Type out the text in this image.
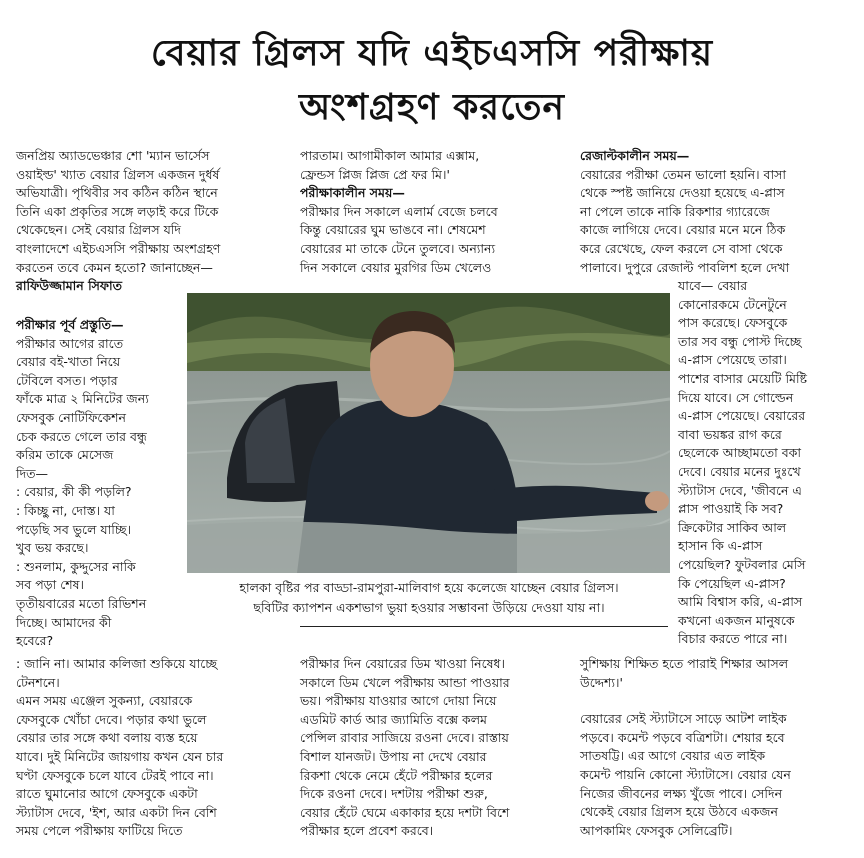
বেয়ার গ্রিলস যদি এইচএসসি পরীক্ষায়
অংশগ্রহণ করতেন

জনপ্রিয় অ্যাডভেঞ্চার শো 'ম্যান ভার্সেস

ওয়াইল্ড' খ্যাত বেয়ার গ্রিলস একজন দুর্ধর্ষ

অভিযাত্রী। পৃথিবীর সব কঠিন কঠিন স্থানে

তিনি একা প্রকৃতির সঙ্গে লড়াই করে টিকে

থেকেছেন। সেই বেয়ার গ্রিলস যদি

বাংলাদেশে এইচএসসি পরীক্ষায় অংশগ্রহণ

করতেন তবে কেমন হতো? জানাচ্ছেন—

রাফিউজ্জামান সিফাত

পরীক্ষার পূর্ব প্রস্তুতি—

পরীক্ষার আগের রাতে

বেয়ার বই-খাতা নিয়ে

টেবিলে বসত। পড়ার

ফাঁকে মাত্র ২ মিনিটের জন্য

ফেসবুক নোটিফিকেশন

চেক করতে গেলে তার বন্ধু

করিম তাকে মেসেজ

দিত—

: বেয়ার, কী কী পড়লি?

: কিচ্ছু না, দোস্ত। যা

পড়েছি সব ভুলে যাচ্ছি।

খুব ভয় করছে।

: শুনলাম, কুদ্দুসের নাকি

সব পড়া শেষ।

তৃতীয়বারের মতো রিভিশন

দিচ্ছে। আমাদের কী

হবেরে?

: জানি না। আমার কলিজা শুকিয়ে যাচ্ছে

টেনশনে।

এমন সময় এঞ্জেল সুকন্যা, বেয়ারকে

ফেসবুকে খোঁচা দেবে। পড়ার কথা ভুলে

বেয়ার তার সঙ্গে কথা বলায় ব্যস্ত হয়ে

যাবে। দুই মিনিটের জায়গায় কখন যেন চার

ঘণ্টা ফেসবুকে চলে যাবে টেরই পাবে না।

রাতে ঘুমানোর আগে ফেসবুকে একটা

স্ট্যাটাস দেবে, 'ইশ, আর একটা দিন বেশি

সময় পেলে পরীক্ষায় ফাটিয়ে দিতে

পারতাম। আগামীকাল আমার এক্সাম,

ফ্রেন্ডস প্লিজ প্লিজ প্রে ফর মি।'

পরীক্ষাকালীন সময়—

পরীক্ষার দিন সকালে এলার্ম বেজে চলবে

কিন্তু বেয়ারের ঘুম ভাঙবে না। শেষমেশ

বেয়ারের মা তাকে টেনে তুলবে। অন্যান্য

দিন সকালে বেয়ার মুরগির ডিম খেলেও

পরীক্ষার দিন বেয়ারের ডিম খাওয়া নিষেধ।

সকালে ডিম খেলে পরীক্ষায় আন্ডা পাওয়ার

ভয়। পরীক্ষায় যাওয়ার আগে দোয়া নিয়ে

এডমিট কার্ড আর জ্যামিতি বক্সে কলম

পেন্সিল রাবার সাজিয়ে রওনা দেবে। রাস্তায়

বিশাল যানজট। উপায় না দেখে বেয়ার

রিকশা থেকে নেমে হেঁটে পরীক্ষার হলের

দিকে রওনা দেবে। দশটায় পরীক্ষা শুরু,

বেয়ার হেঁটে ঘেমে একাকার হয়ে দশটা বিশে

পরীক্ষার হলে প্রবেশ করবে।

রেজাল্টকালীন সময়—

বেয়ারের পরীক্ষা তেমন ভালো হয়নি। বাসা

থেকে স্পষ্ট জানিয়ে দেওয়া হয়েছে এ-প্লাস

না পেলে তাকে নাকি রিকশার গ্যারেজে

কাজে লাগিয়ে দেবে। বেয়ার মনে মনে ঠিক

করে রেখেছে, ফেল করলে সে বাসা থেকে

পালাবে। দুপুরে রেজাল্ট পাবলিশ হলে দেখা

যাবে— বেয়ার

কোনোরকমে টেনেটুনে

পাস করেছে। ফেসবুকে

তার সব বন্ধু পোস্ট দিচ্ছে

এ-প্লাস পেয়েছে তারা।

পাশের বাসার মেয়েটি মিষ্টি

দিয়ে যাবে। সে গোল্ডেন

এ-প্লাস পেয়েছে। বেয়ারের

বাবা ভয়ঙ্কর রাগ করে

ছেলেকে আচ্ছামতো বকা

দেবে। বেয়ার মনের দুঃখে

স্ট্যাটাস দেবে, 'জীবনে এ

প্লাস পাওয়াই কি সব?

ক্রিকেটার সাকিব আল

হাসান কি এ-প্লাস

পেয়েছিল? ফুটবলার মেসি

কি পেয়েছিল এ-প্লাস?

আমি বিশ্বাস করি, এ-প্লাস

কখনো একজন মানুষকে

বিচার করতে পারে না।

সুশিক্ষায় শিক্ষিত হতে পারাই শিক্ষার আসল

উদ্দেশ্য।'

বেয়ারের সেই স্ট্যাটাসে সাড়ে আটশ লাইক

পড়বে। কমেন্ট পড়বে বত্রিশটা। শেয়ার হবে

সাতষট্টি। এর আগে বেয়ার এত লাইক

কমেন্ট পায়নি কোনো স্ট্যাটাসে। বেয়ার যেন

নিজের জীবনের লক্ষ্য খুঁজে পাবে। সেদিন

থেকেই বেয়ার গ্রিলস হয়ে উঠবে একজন

আপকামিং ফেসবুক সেলিব্রেটি।

হালকা বৃষ্টির পর বাড্ডা-রামপুরা-মালিবাগ হয়ে কলেজে যাচ্ছেন বেয়ার গ্রিলস।
ছবিটির ক্যাপশন একশভাগ ভুয়া হওয়ার সম্ভাবনা উড়িয়ে দেওয়া যায় না।
